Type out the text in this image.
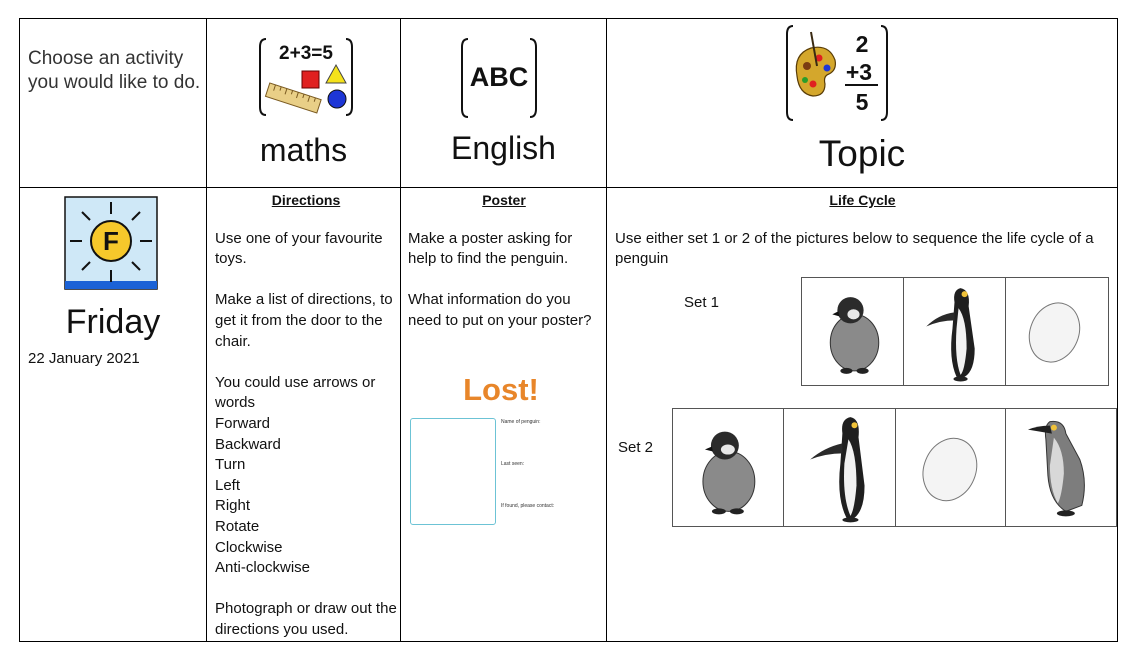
Choose an activity you would like to do.
2+3=5
maths
ABC
English
2
+3
5
Topic
F
Friday
22 January 2021
Directions

Use one of your favourite toys.

Make a list of directions, to get it from the door to the chair.

You could use arrows or words

Forward
Backward
Turn
Left
Right
Rotate
Clockwise
Anti-clockwise

Photograph or draw out the directions you used.

Poster

Make a poster asking for help to find the penguin.

What information do you need to put on your poster?

Lost!
Name of penguin:
Last seen:
If found, please contact:
Life Cycle

Use either set 1 or 2 of the pictures below to sequence the life cycle of a penguin

Set 1
Set 2
